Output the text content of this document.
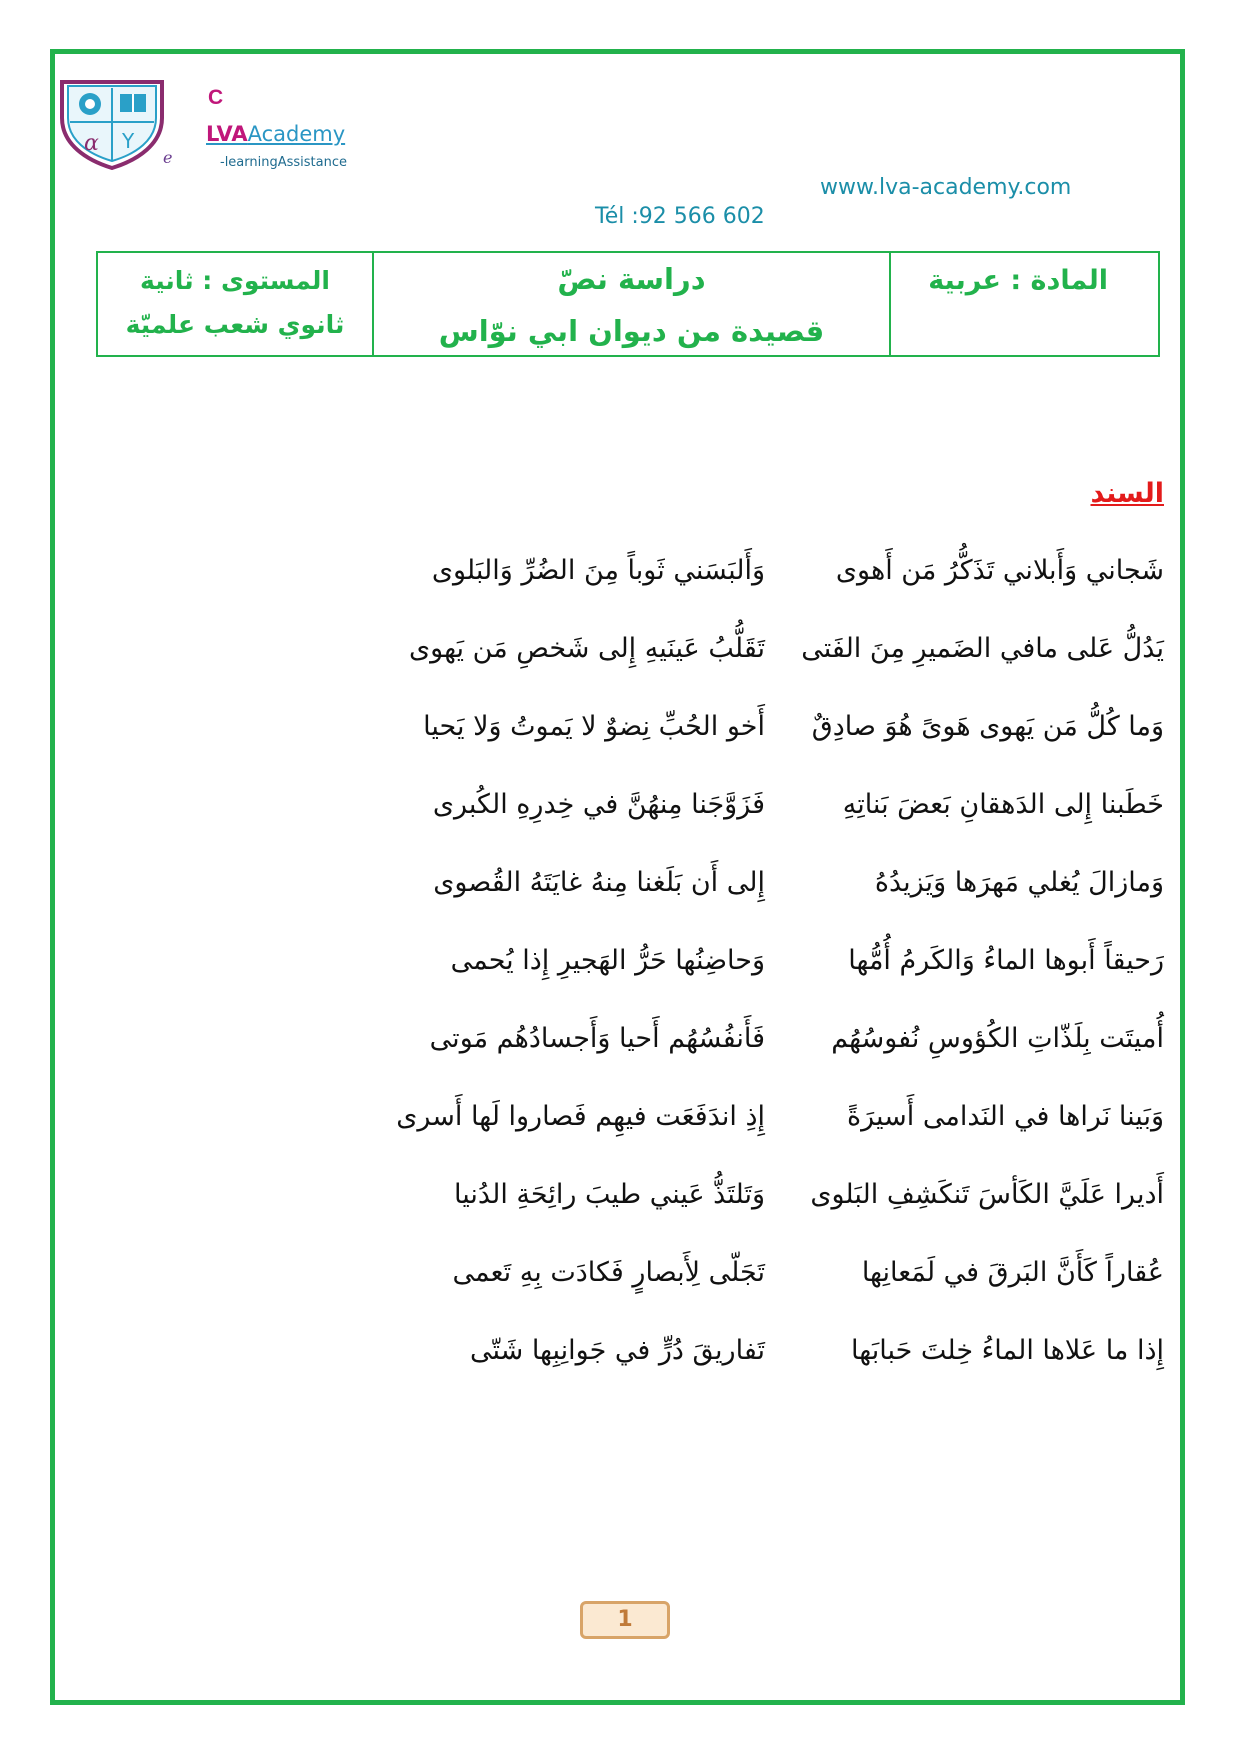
α Y
e
C
LVAAcademy
-learningAssistance
www.lva-academy.com
Tél :92 566 602
المستوى : ثانية
ثانوي شعب علميّة
دراسة نصّ
قصيدة من ديوان ابي نوّاس
المادة : عربية
السند
شَجاني وَأَبلاني تَذَكُّرُ مَن أَهوى
وَأَلبَسَني ثَوباً مِنَ الضُرِّ وَالبَلوى
يَدُلُّ عَلى مافي الضَميرِ مِنَ الفَتى
تَقَلُّبُ عَينَيهِ إِلى شَخصِ مَن يَهوى
وَما كُلُّ مَن يَهوى هَوىً هُوَ صادِقٌ
أَخو الحُبِّ نِضوٌ لا يَموتُ وَلا يَحيا
خَطَبنا إِلى الدَهقانِ بَعضَ بَناتِهِ
فَزَوَّجَنا مِنهُنَّ في خِدرِهِ الكُبرى
وَمازالَ يُغلي مَهرَها وَيَزيدُهُ
إِلى أَن بَلَغنا مِنهُ غايَتَهُ القُصوى
رَحيقاً أَبوها الماءُ وَالكَرمُ أُمُّها
وَحاضِنُها حَرُّ الهَجيرِ إِذا يُحمى
أُميتَت بِلَذّاتِ الكُؤوسِ نُفوسُهُم
فَأَنفُسُهُم أَحيا وَأَجسادُهُم مَوتى
وَبَينا نَراها في النَدامى أَسيرَةً
إِذِ اندَفَعَت فيهِم فَصاروا لَها أَسرى
أَديرا عَلَيَّ الكَأسَ تَنكَشِفِ البَلوى
وَتَلتَذُّ عَيني طيبَ رائِحَةِ الدُنيا
عُقاراً كَأَنَّ البَرقَ في لَمَعانِها
تَجَلّى لِأَبصارٍ فَكادَت بِهِ تَعمى
إِذا ما عَلاها الماءُ خِلتَ حَبابَها
تَفاريقَ دُرٍّ في جَوانِبِها شَتّى
1
